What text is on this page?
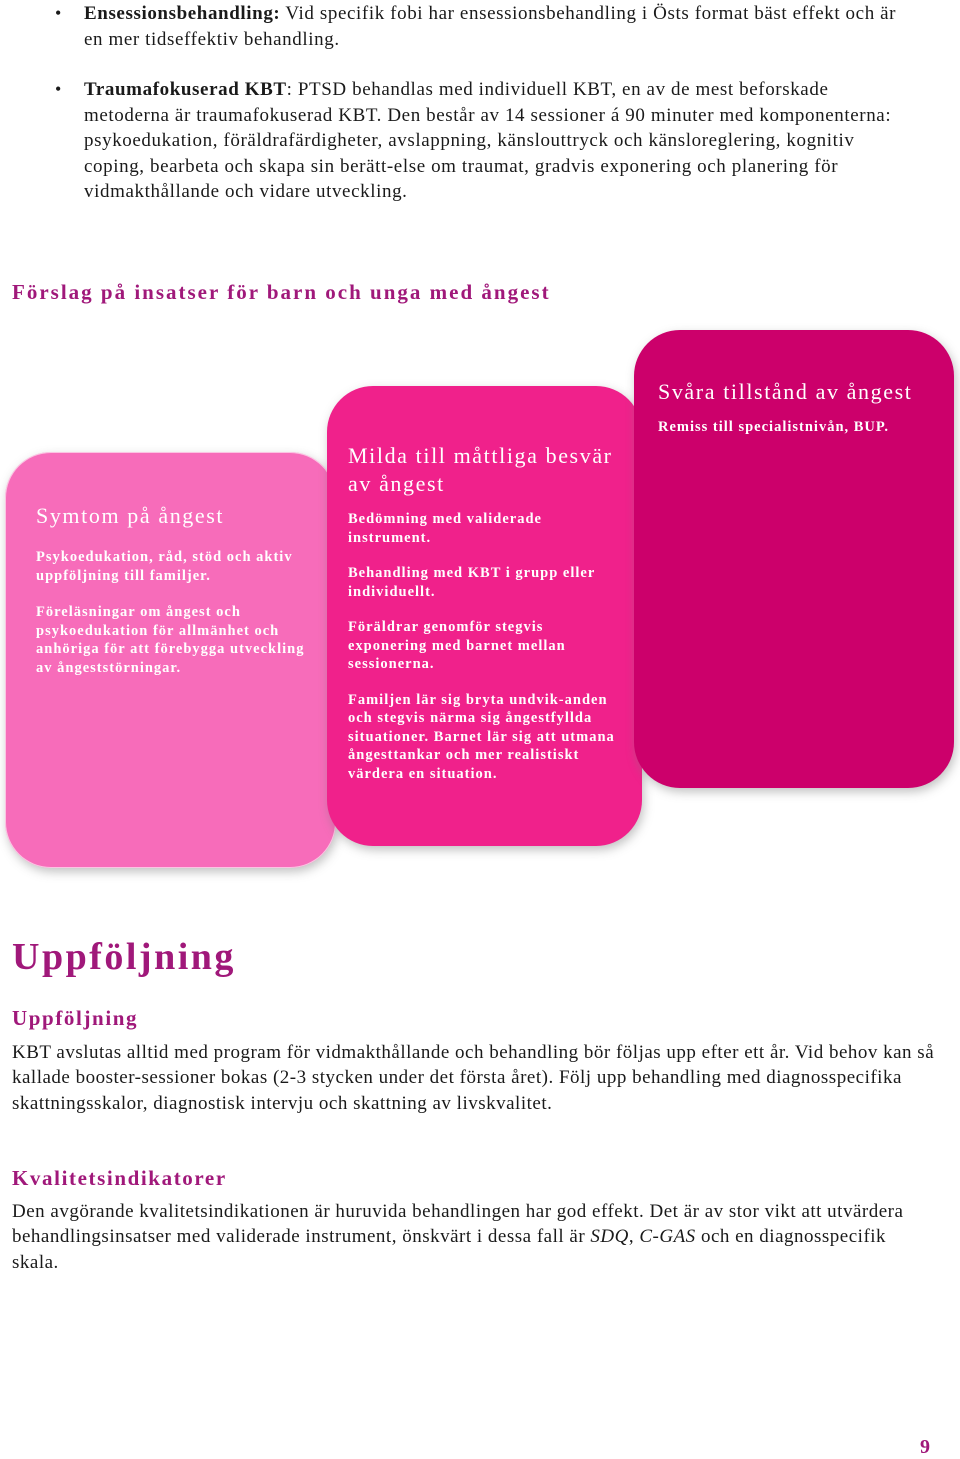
• Ensessionsbehandling: Vid specifik fobi har ensessionsbehandling i Östs format bäst effekt och är en mer tidseffektiv behandling.
• Traumafokuserad KBT: PTSD behandlas med individuell KBT, en av de mest beforskade metoderna är traumafokuserad KBT. Den består av 14 sessioner á 90 minuter med komponenterna: psykoedukation, föräldrafärdigheter, avslappning, känslouttryck och känsloreglering, kognitiv coping, bearbeta och skapa sin berätt-else om traumat, gradvis exponering och planering för vidmakthållande och vidare utveckling.
Förslag på insatser för barn och unga med ångest
Symtom på ångest

Psykoedukation, råd, stöd och aktiv uppföljning till familjer.

Föreläsningar om ångest och psykoedukation för allmänhet och anhöriga för att förebygga utveckling av ångeststörningar.

Milda till måttliga besvär av ångest

Bedömning med validerade instrument.

Behandling med KBT i grupp eller individuellt.

Föräldrar genomför stegvis exponering med barnet mellan sessionerna.

Familjen lär sig bryta undvik-anden och stegvis närma sig ångestfyllda situationer. Barnet lär sig att utmana ångesttankar och mer realistiskt värdera en situation.

Svåra tillstånd av ångest

Remiss till specialistnivån, BUP.

Uppföljning
Uppföljning

KBT avslutas alltid med program för vidmakthållande och behandling bör följas upp efter ett år. Vid behov kan så kallade booster-sessioner bokas (2-3 stycken under det första året). Följ upp behandling med diagnosspecifika skattningsskalor, diagnostisk intervju och skattning av livskvalitet.

Kvalitetsindikatorer

Den avgörande kvalitetsindikationen är huruvida behandlingen har god effekt. Det är av stor vikt att utvärdera behandlingsinsatser med validerade instrument, önskvärt i dessa fall är SDQ, C-GAS och en diagnosspecifik skala.

9
